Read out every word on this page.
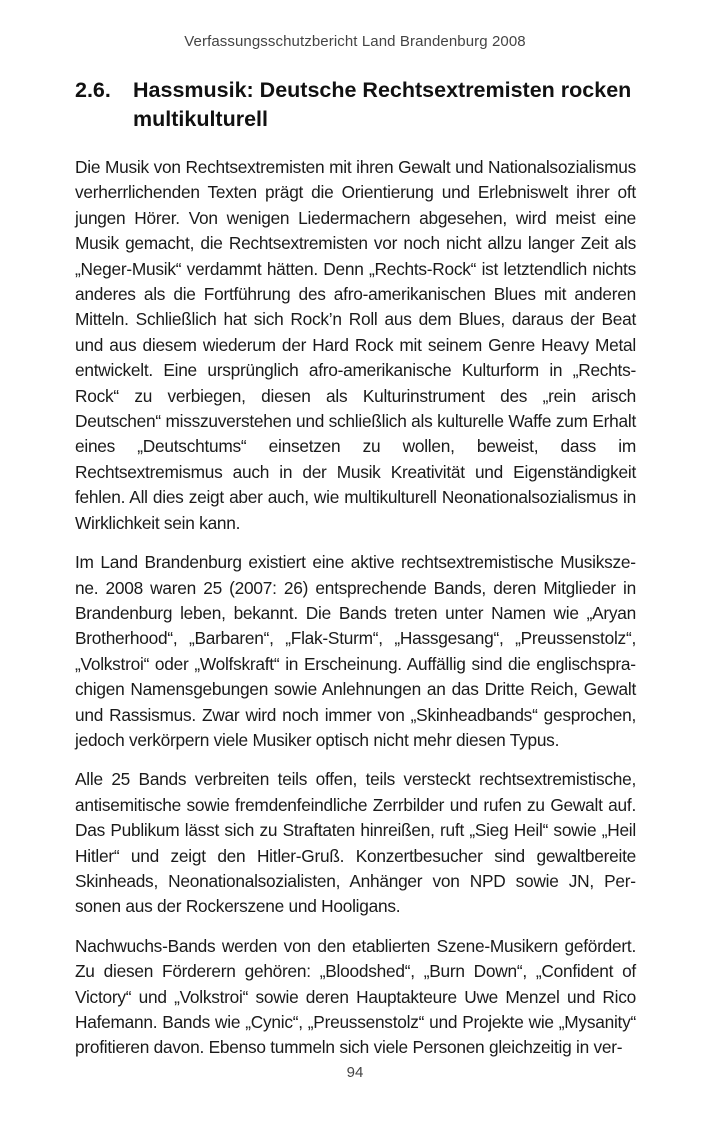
Verfassungsschutzbericht Land Brandenburg 2008
2.6.	Hassmusik: Deutsche Rechtsextremisten rocken multikulturell

Die Musik von Rechtsextremisten mit ihren Gewalt und Nationalsozialismus verherrlichenden Texten prägt die Orientierung und Erlebniswelt ihrer oft jungen Hörer. Von wenigen Liedermachern abgesehen, wird meist eine Musik gemacht, die Rechtsextremisten vor noch nicht allzu langer Zeit als „Neger-Musik“ verdammt hätten. Denn „Rechts-Rock“ ist letztendlich nichts anderes als die Fortführung des afro-amerikanischen Blues mit anderen Mitteln. Schließlich hat sich Rock’n Roll aus dem Blues, daraus der Beat und aus diesem wiederum der Hard Rock mit seinem Genre Heavy Metal entwickelt. Eine ursprünglich afro-amerikanische Kulturform in „Rechts-Rock“ zu verbiegen, diesen als Kulturinstrument des „rein arisch Deutschen“ misszuverstehen und schließlich als kulturelle Waffe zum Erhalt eines „Deutschtums“ einsetzen zu wollen, beweist, dass im Rechtsextremismus auch in der Musik Kreativität und Eigenständigkeit fehlen. All dies zeigt aber auch, wie multikulturell Neonationalsozialismus in Wirklichkeit sein kann.

Im Land Brandenburg existiert eine aktive rechtsextremistische Musikszene. 2008 waren 25 (2007: 26) entsprechende Bands, deren Mitglieder in Brandenburg leben, bekannt. Die Bands treten unter Namen wie „Aryan Brotherhood“, „Barbaren“, „Flak-Sturm“, „Hassgesang“, „Preussenstolz“, „Volkstroi“ oder „Wolfskraft“ in Erscheinung. Auffällig sind die englischsprachigen Namensgebungen sowie Anlehnungen an das Dritte Reich, Gewalt und Rassismus. Zwar wird noch immer von „Skinheadbands“ gesprochen, jedoch verkörpern viele Musiker optisch nicht mehr diesen Typus.

Alle 25 Bands verbreiten teils offen, teils versteckt rechtsextremistische, antisemitische sowie fremdenfeindliche Zerrbilder und rufen zu Gewalt auf. Das Publikum lässt sich zu Straftaten hinreißen, ruft „Sieg Heil“ sowie „Heil Hitler“ und zeigt den Hitler-Gruß. Konzertbesucher sind gewaltbereite Skinheads, Neonationalsozialisten, Anhänger von NPD sowie JN, Personen aus der Rockerszene und Hooligans.

Nachwuchs-Bands werden von den etablierten Szene-Musikern gefördert. Zu diesen Förderern gehören: „Bloodshed“, „Burn Down“, „Confident of Victory“ und „Volkstroi“ sowie deren Hauptakteure Uwe Menzel und Rico Hafemann. Bands wie „Cynic“, „Preussenstolz“ und Projekte wie „Mysanity“ profitieren davon. Ebenso tummeln sich viele Personen gleichzeitig in ver-

94
